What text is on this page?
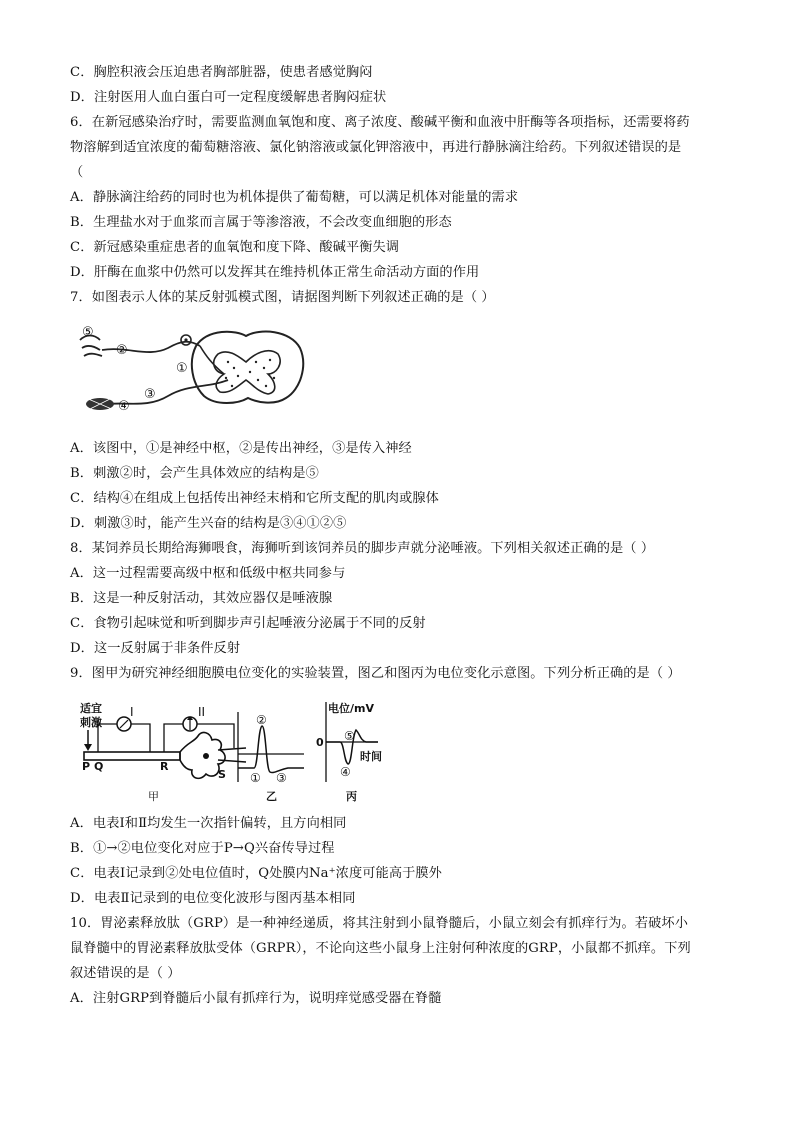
C．胸腔积液会压迫患者胸部脏器，使患者感觉胸闷
D．注射医用人血白蛋白可一定程度缓解患者胸闷症状
6．在新冠感染治疗时，需要监测血氧饱和度、离子浓度、酸碱平衡和血液中肝酶等各项指标，还需要将药
物溶解到适宜浓度的葡萄糖溶液、氯化钠溶液或氯化钾溶液中，再进行静脉滴注给药。下列叙述错误的是
（
A．静脉滴注给药的同时也为机体提供了葡萄糖，可以满足机体对能量的需求
B．生理盐水对于血浆而言属于等渗溶液，不会改变血细胞的形态
C．新冠感染重症患者的血氧饱和度下降、酸碱平衡失调
D．肝酶在血浆中仍然可以发挥其在维持机体正常生命活动方面的作用
7．如图表示人体的某反射弧模式图，请据图判断下列叙述正确的是（ ）
⑤
②
①
③
④
A．该图中，①是神经中枢，②是传出神经，③是传入神经
B．刺激②时，会产生具体效应的结构是⑤
C．结构④在组成上包括传出神经末梢和它所支配的肌肉或腺体
D．刺激③时，能产生兴奋的结构是③④①②⑤
8．某饲养员长期给海狮喂食，海狮听到该饲养员的脚步声就分泌唾液。下列相关叙述正确的是（ ）
A．这一过程需要高级中枢和低级中枢共同参与
B．这是一种反射活动，其效应器仅是唾液腺
C．食物引起味觉和听到脚步声引起唾液分泌属于不同的反射
D．这一反射属于非条件反射
9．图甲为研究神经细胞膜电位变化的实验装置，图乙和图丙为电位变化示意图。下列分析正确的是（ ）
适宜
刺激
I	II
P Q	R
S
甲
②
① ③
乙
电位/mV
0 ⑤
④
时间
丙
A．电表Ⅰ和Ⅱ均发生一次指针偏转，且方向相同
B．①→②电位变化对应于P→Q兴奋传导过程
C．电表Ⅰ记录到②处电位值时，Q处膜内Na⁺浓度可能高于膜外
D．电表Ⅱ记录到的电位变化波形与图丙基本相同
10．胃泌素释放肽（GRP）是一种神经递质，将其注射到小鼠脊髓后，小鼠立刻会有抓痒行为。若破坏小
鼠脊髓中的胃泌素释放肽受体（GRPR），不论向这些小鼠身上注射何种浓度的GRP，小鼠都不抓痒。下列
叙述错误的是（ ）
A．注射GRP到脊髓后小鼠有抓痒行为，说明痒觉感受器在脊髓
